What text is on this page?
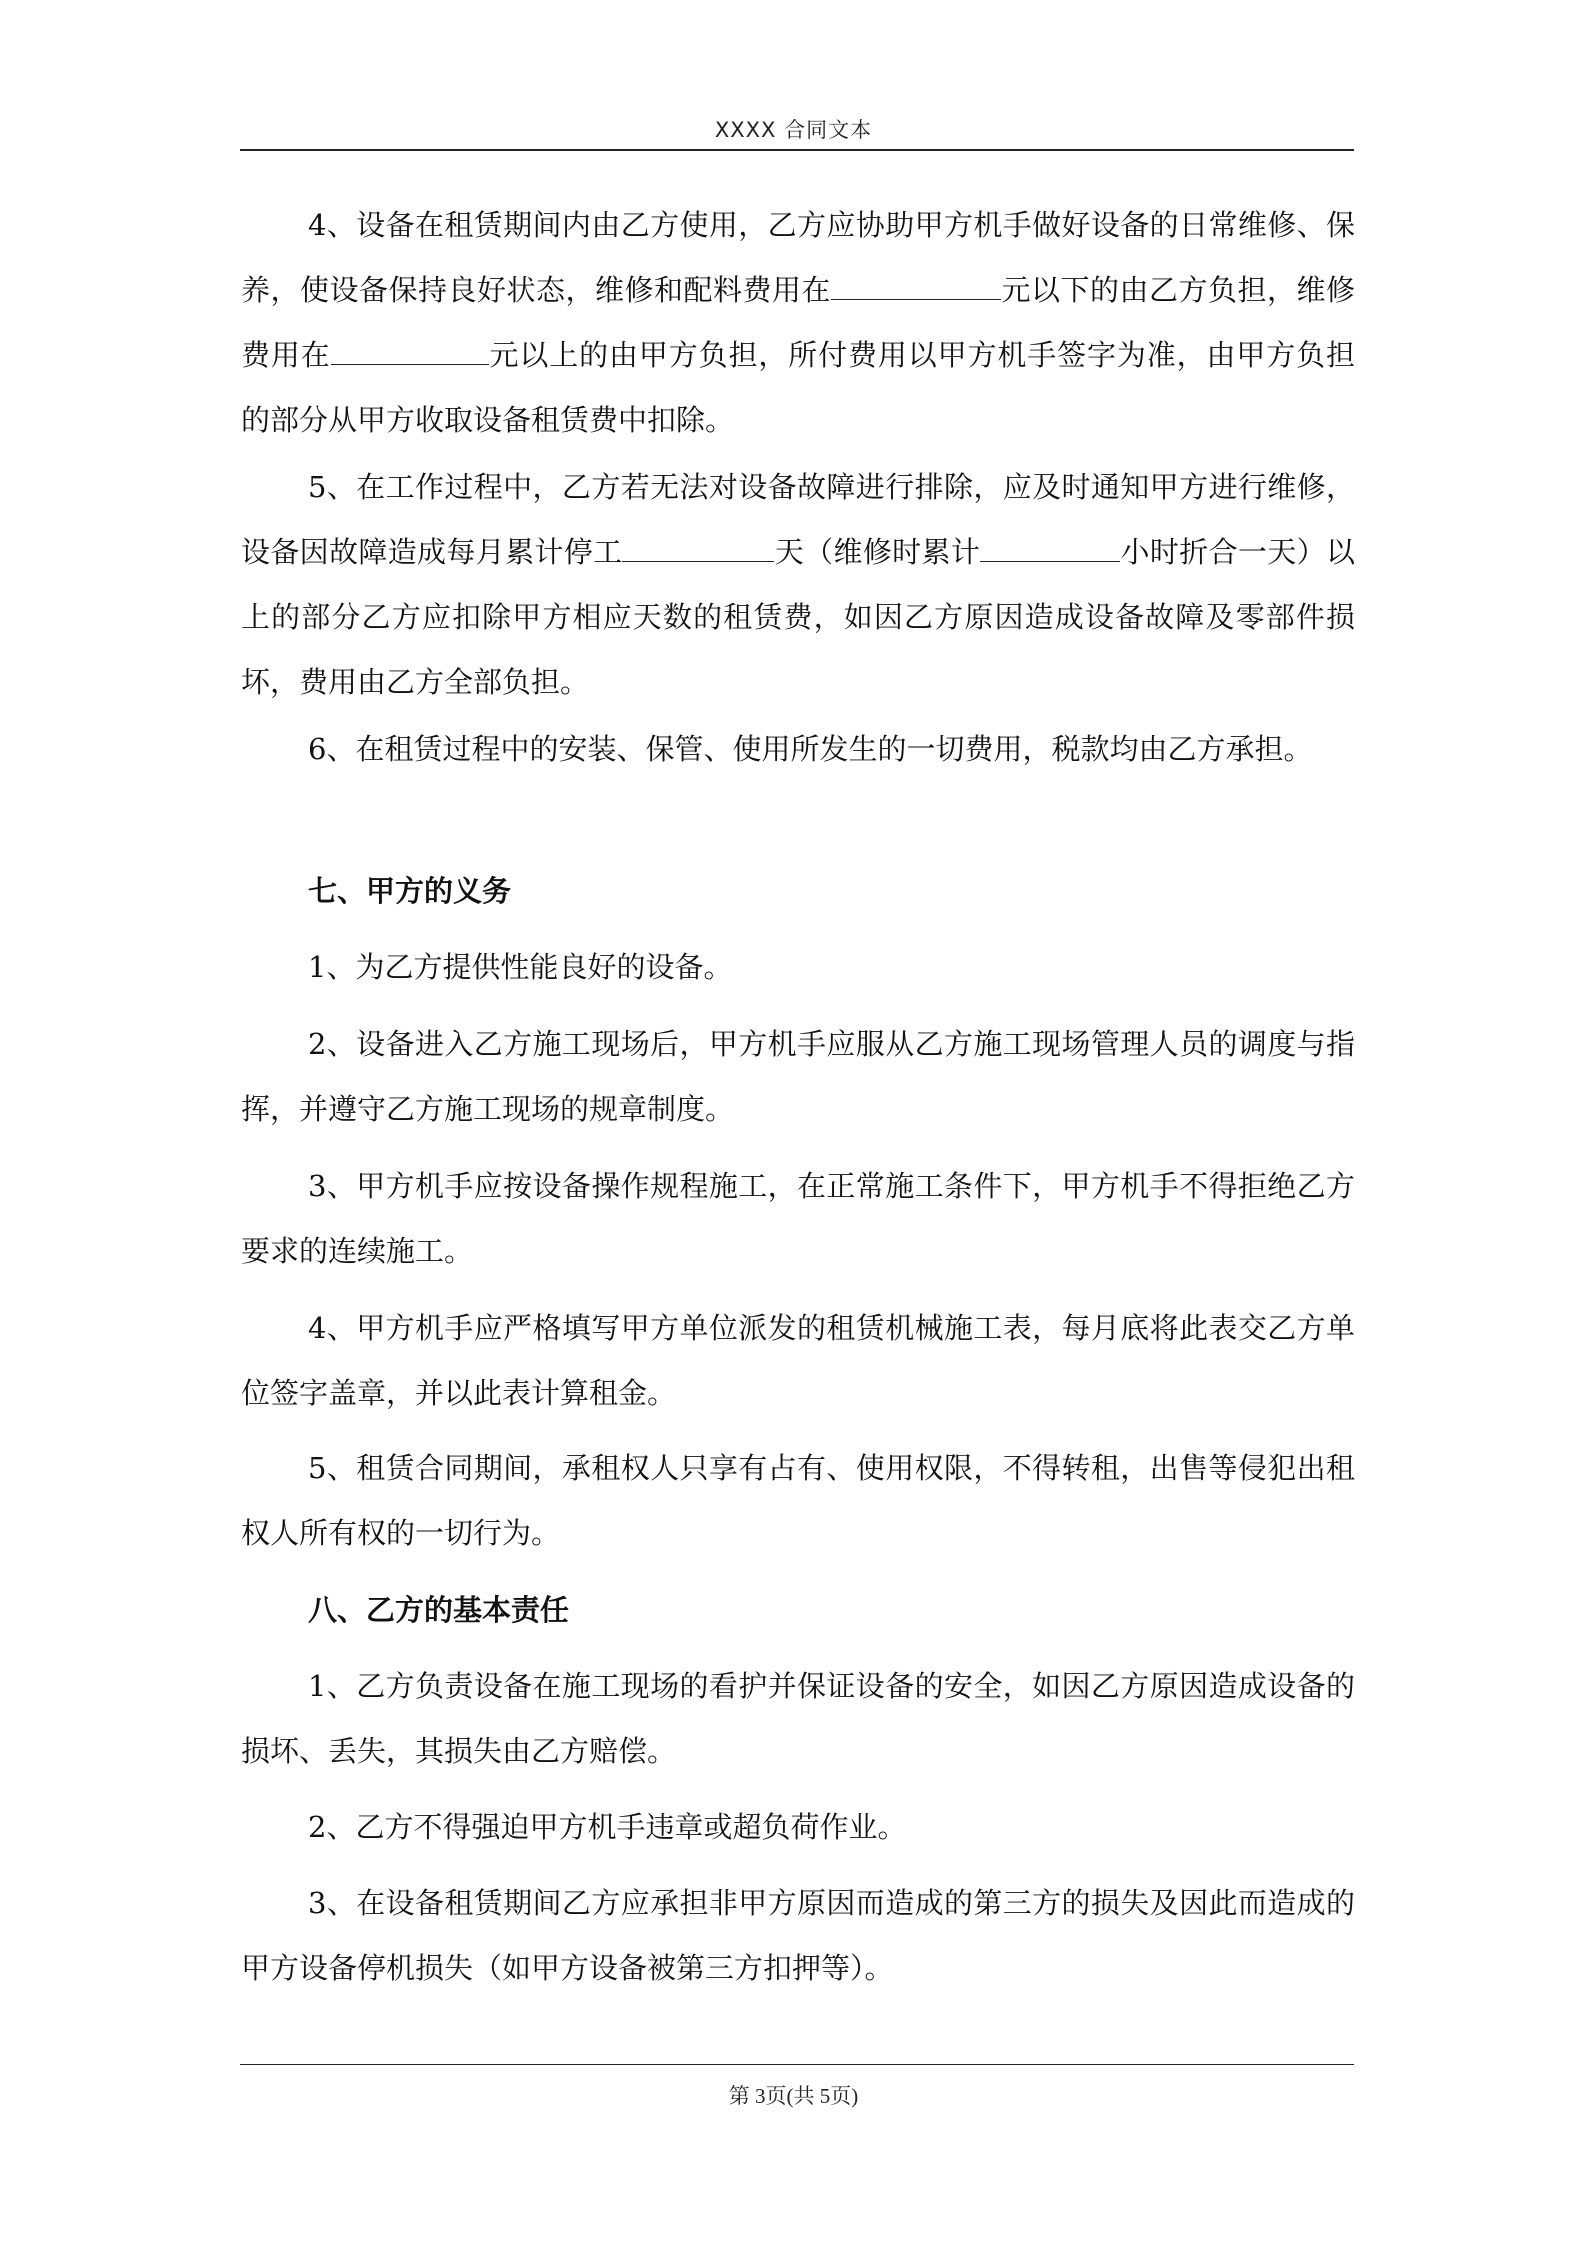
XXXX 合同文本

4、设备在租赁期间内由乙方使用，乙方应协助甲方机手做好设备的日常维修、保养，使设备保持良好状态，维修和配料费用在	元以下的由乙方负担，维修费用在	元以上的由甲方负担，所付费用以甲方机手签字为准，由甲方负担的部分从甲方收取设备租赁费中扣除。

5、在工作过程中，乙方若无法对设备故障进行排除，应及时通知甲方进行维修，设备因故障造成每月累计停工	天（维修时累计	小时折合一天）以上的部分乙方应扣除甲方相应天数的租赁费，如因乙方原因造成设备故障及零部件损坏，费用由乙方全部负担。

6、在租赁过程中的安装、保管、使用所发生的一切费用，税款均由乙方承担。

七、甲方的义务

1、为乙方提供性能良好的设备。

2、设备进入乙方施工现场后，甲方机手应服从乙方施工现场管理人员的调度与指挥，并遵守乙方施工现场的规章制度。

3、甲方机手应按设备操作规程施工，在正常施工条件下，甲方机手不得拒绝乙方要求的连续施工。

4、甲方机手应严格填写甲方单位派发的租赁机械施工表，每月底将此表交乙方单位签字盖章，并以此表计算租金。

5、租赁合同期间，承租权人只享有占有、使用权限，不得转租，出售等侵犯出租权人所有权的一切行为。

八、乙方的基本责任

1、乙方负责设备在施工现场的看护并保证设备的安全，如因乙方原因造成设备的损坏、丢失，其损失由乙方赔偿。

2、乙方不得强迫甲方机手违章或超负荷作业。

3、在设备租赁期间乙方应承担非甲方原因而造成的第三方的损失及因此而造成的甲方设备停机损失（如甲方设备被第三方扣押等）。

第 3页(共 5页)
